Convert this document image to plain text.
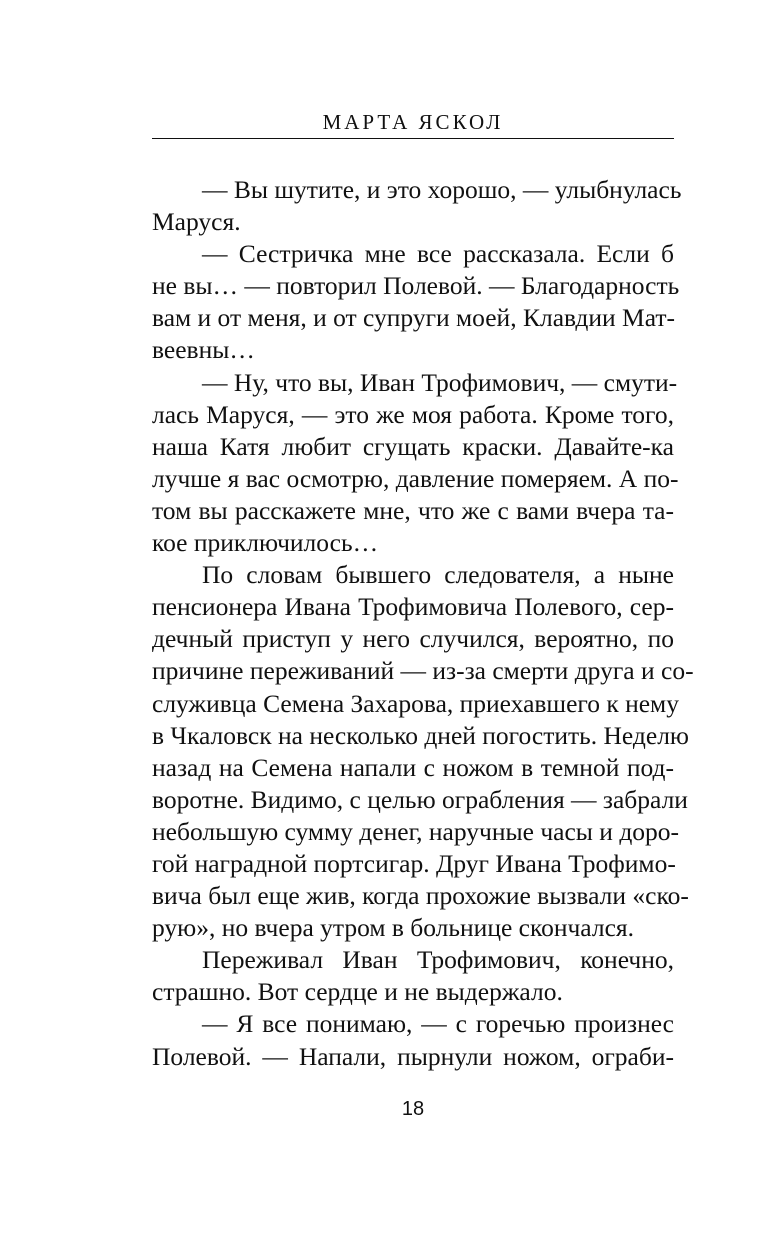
МАРТА ЯСКОЛ
— Вы шутите, и это хорошо, — улыбнулась
Маруся.
— Сестричка мне все рассказала. Если б
не вы… — повторил Полевой. — Благодарность
вам и от меня, и от супруги моей, Клавдии Мат-
веевны…
— Ну, что вы, Иван Трофимович, — смути-
лась Маруся, — это же моя работа. Кроме того,
наша Катя любит сгущать краски. Давайте-ка
лучше я вас осмотрю, давление померяем. А по-
том вы расскажете мне, что же с вами вчера та-
кое приключилось…
По словам бывшего следователя, а ныне
пенсионера Ивана Трофимовича Полевого, сер-
дечный приступ у него случился, вероятно, по
причине переживаний — из-за смерти друга и со-
служивца Семена Захарова, приехавшего к нему
в Чкаловск на несколько дней погостить. Неделю
назад на Семена напали с ножом в темной под-
воротне. Видимо, с целью ограбления — забрали
небольшую сумму денег, наручные часы и доро-
гой наградной портсигар. Друг Ивана Трофимо-
вича был еще жив, когда прохожие вызвали «ско-
рую», но вчера утром в больнице скончался.
Переживал Иван Трофимович, конечно,
страшно. Вот сердце и не выдержало.
— Я все понимаю, — с горечью произнес
Полевой. — Напали, пырнули ножом, ограби-
18
